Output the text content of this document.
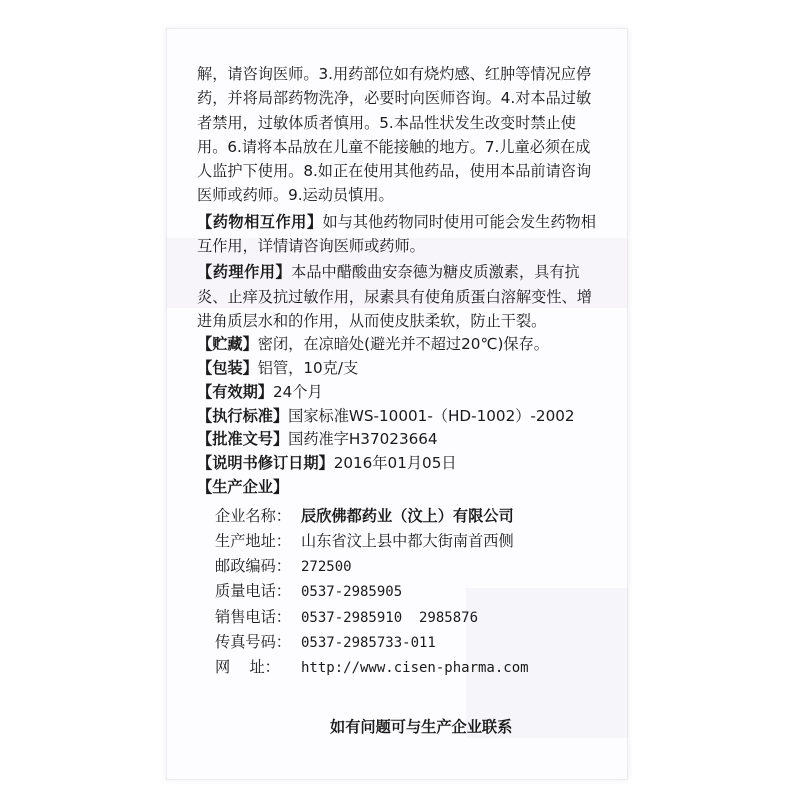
解，请咨询医师。3.用药部位如有烧灼感、红肿等情况应停药，并将局部药物洗净，必要时向医师咨询。4.对本品过敏者禁用，过敏体质者慎用。5.本品性状发生改变时禁止使用。6.请将本品放在儿童不能接触的地方。7.儿童必须在成人监护下使用。8.如正在使用其他药品，使用本品前请咨询医师或药师。9.运动员慎用。

【药物相互作用】如与其他药物同时使用可能会发生药物相互作用，详情请咨询医师或药师。

【药理作用】本品中醋酸曲安奈德为糖皮质激素，具有抗炎、止痒及抗过敏作用，尿素具有使角质蛋白溶解变性、增进角质层水和的作用，从而使皮肤柔软，防止干裂。

【贮藏】密闭，在凉暗处(避光并不超过20℃)保存。
【包装】铝管，10克/支
【有效期】24个月
【执行标准】国家标准WS-10001-（HD-1002）-2002
【批准文号】国药准字H37023664
【说明书修订日期】2016年01月05日
【生产企业】
企业名称： 辰欣佛都药业（汶上）有限公司
生产地址： 山东省汶上县中都大街南首西侧
邮政编码： 272500
质量电话： 0537-2985905
销售电话： 0537-2985910  2985876
传真号码： 0537-2985733-011
网    址：	http://www.cisen-pharma.com
如有问题可与生产企业联系
